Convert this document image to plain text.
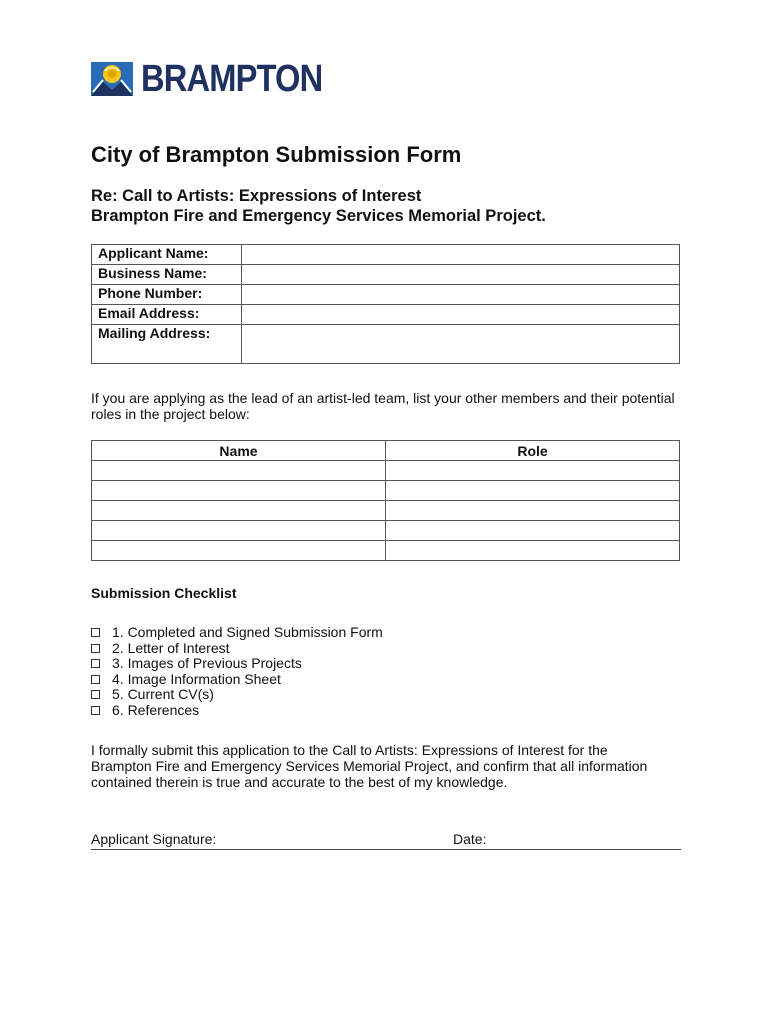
BRAMPTON
City of Brampton Submission Form
Re: Call to Artists: Expressions of Interest
Brampton Fire and Emergency Services Memorial Project.
Applicant Name:	
Business Name:	
Phone Number:	
Email Address:	
Mailing Address:	
If you are applying as the lead of an artist-led team, list your other members and their potential roles in the project below:
Name	Role

Submission Checklist
1. Completed and Signed Submission Form
2. Letter of Interest
3. Images of Previous Projects
4. Image Information Sheet
5. Current CV(s)
6. References
I formally submit this application to the Call to Artists: Expressions of Interest for the Brampton Fire and Emergency Services Memorial Project, and confirm that all information contained therein is true and accurate to the best of my knowledge.
Applicant Signature:	Date:
